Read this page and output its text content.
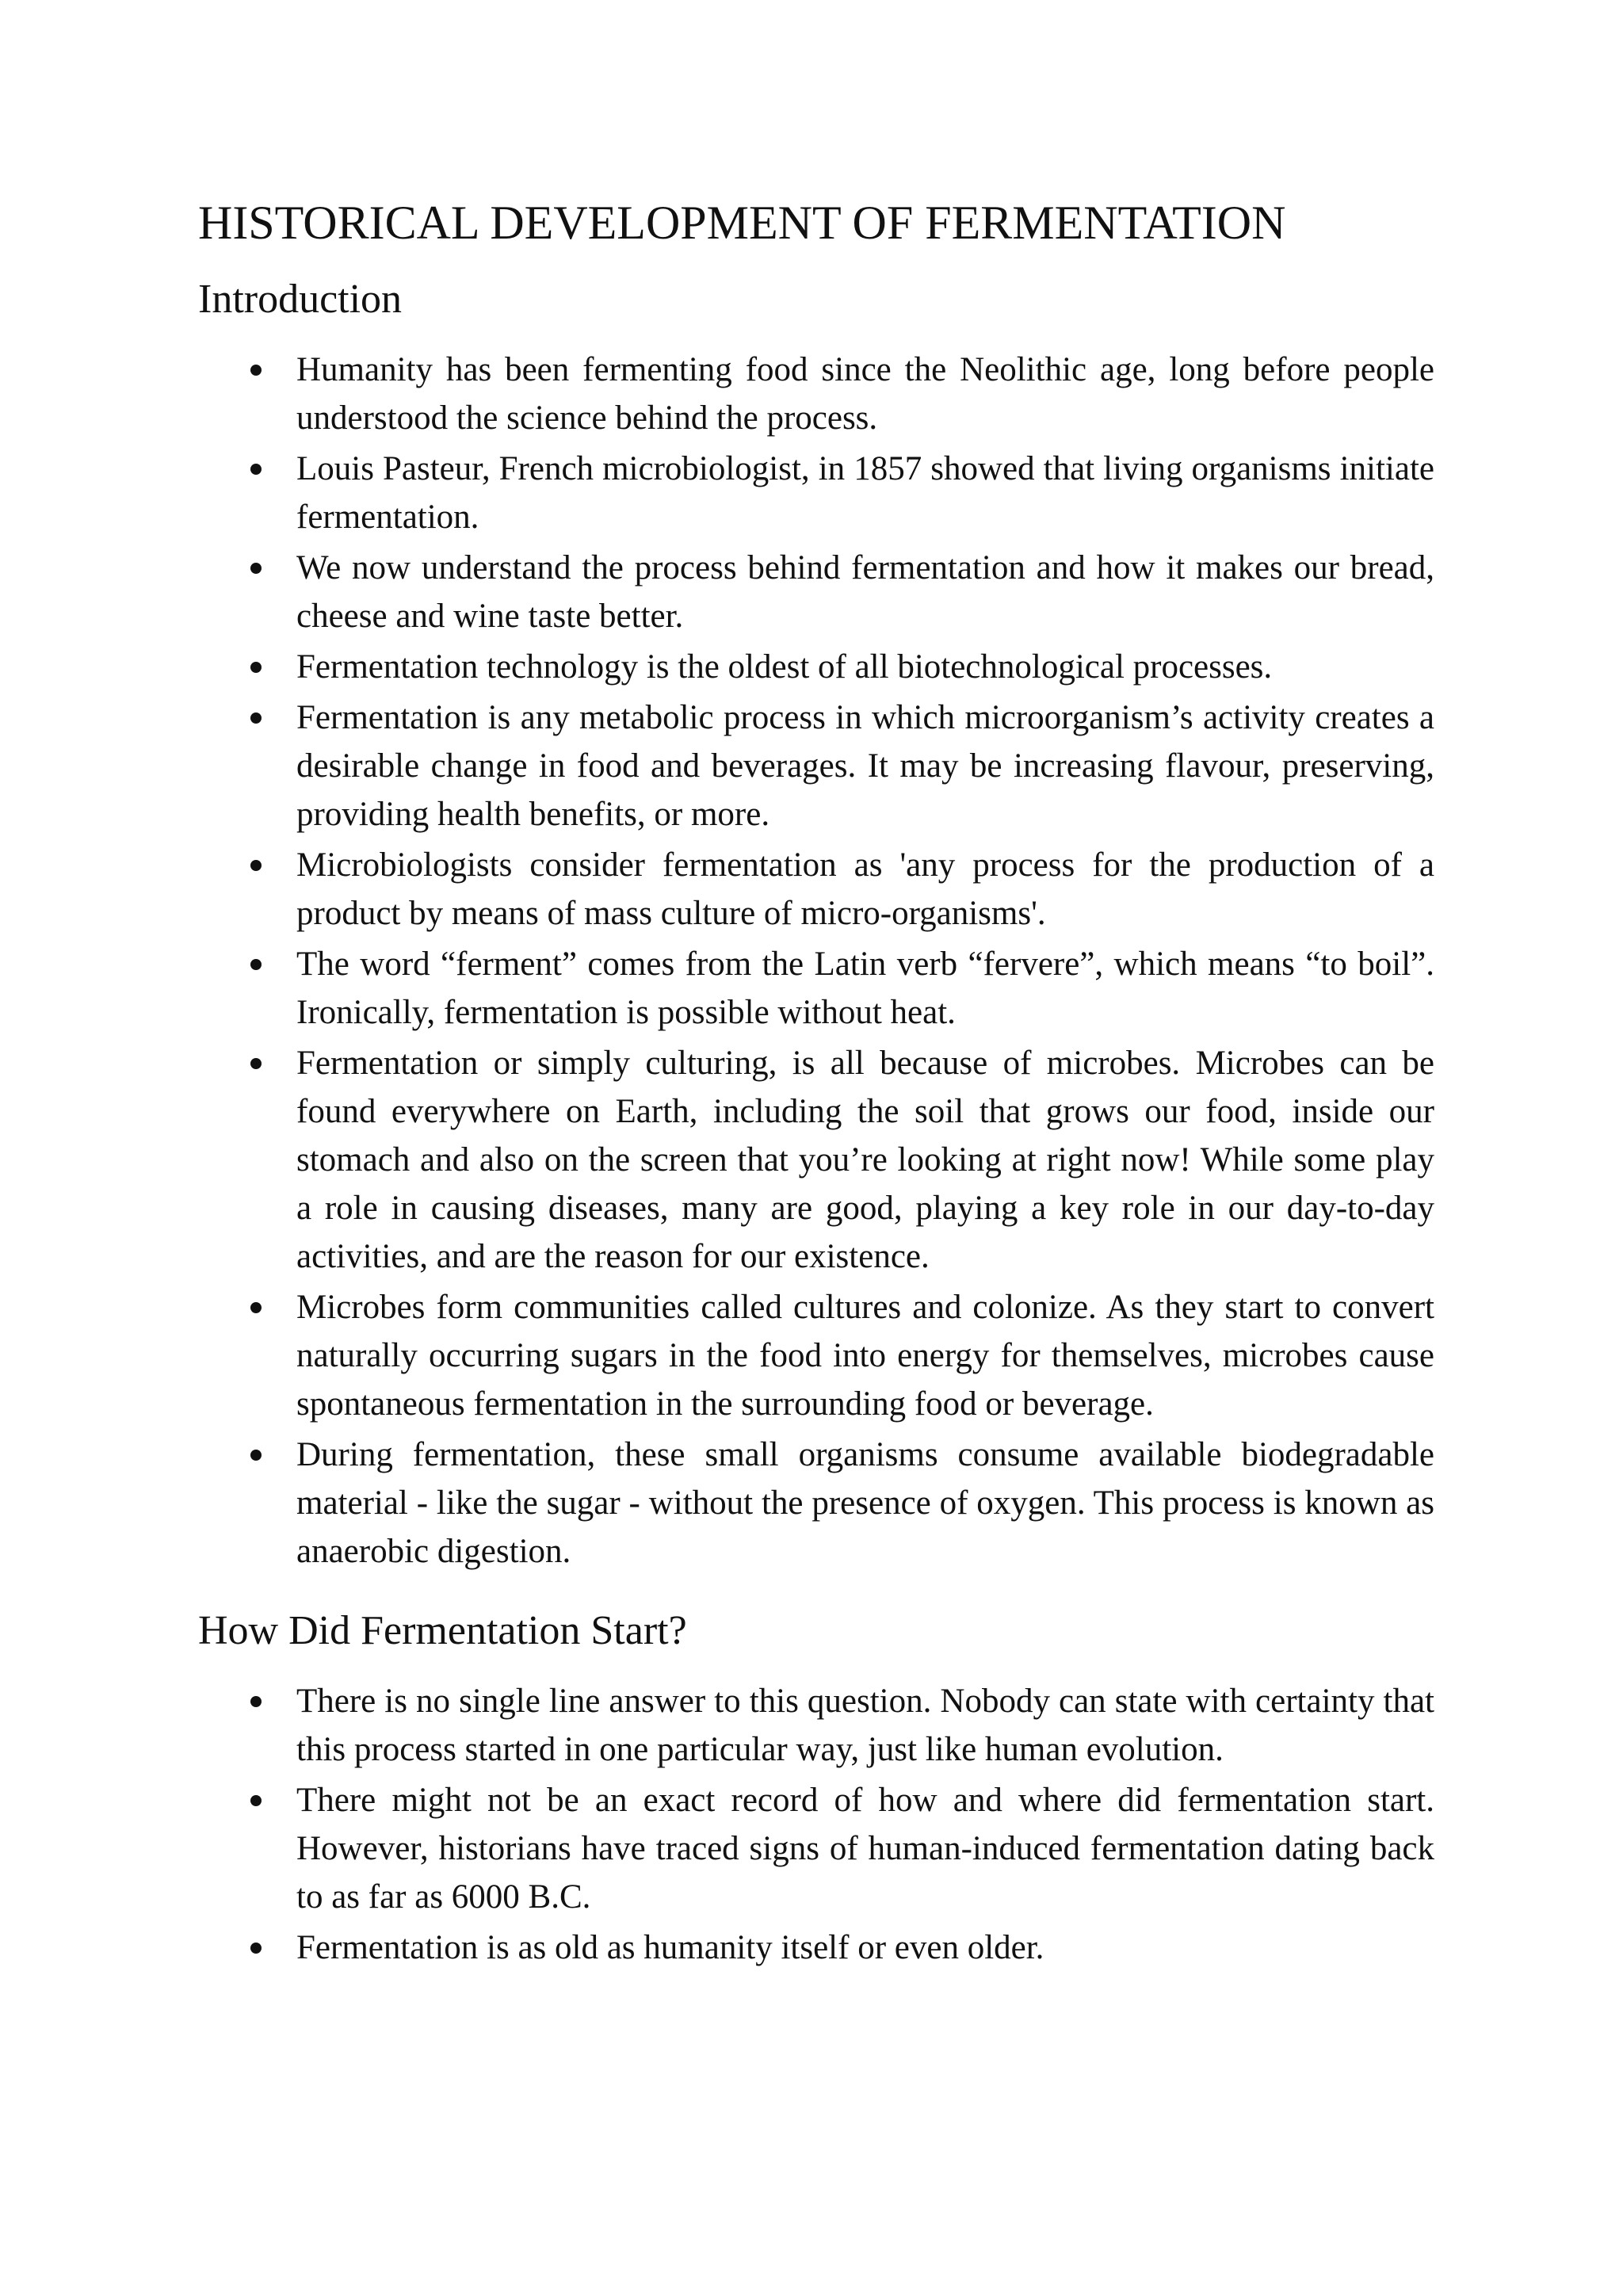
HISTORICAL DEVELOPMENT OF FERMENTATION
Introduction
Humanity has been fermenting food since the Neolithic age, long before people understood the science behind the process.
Louis Pasteur, French microbiologist, in 1857 showed that living organisms initiate fermentation.
We now understand the process behind fermentation and how it makes our bread, cheese and wine taste better.
Fermentation technology is the oldest of all biotechnological processes.
Fermentation is any metabolic process in which microorganism’s activity creates a desirable change in food and beverages. It may be increasing flavour, preserving, providing health benefits, or more.
Microbiologists consider fermentation as 'any process for the production of a product by means of mass culture of micro-organisms'.
The word “ferment” comes from the Latin verb “fervere”, which means “to boil”. Ironically, fermentation is possible without heat.
Fermentation or simply culturing, is all because of microbes. Microbes can be found everywhere on Earth, including the soil that grows our food, inside our stomach and also on the screen that you’re looking at right now! While some play a role in causing diseases, many are good, playing a key role in our day-to-day activities, and are the reason for our existence.
Microbes form communities called cultures and colonize. As they start to convert naturally occurring sugars in the food into energy for themselves, microbes cause spontaneous fermentation in the surrounding food or beverage.
During fermentation, these small organisms consume available biodegradable material - like the sugar - without the presence of oxygen. This process is known as anaerobic digestion.
How Did Fermentation Start?
There is no single line answer to this question. Nobody can state with certainty that this process started in one particular way, just like human evolution.
There might not be an exact record of how and where did fermentation start. However, historians have traced signs of human-induced fermentation dating back to as far as 6000 B.C.
Fermentation is as old as humanity itself or even older.
